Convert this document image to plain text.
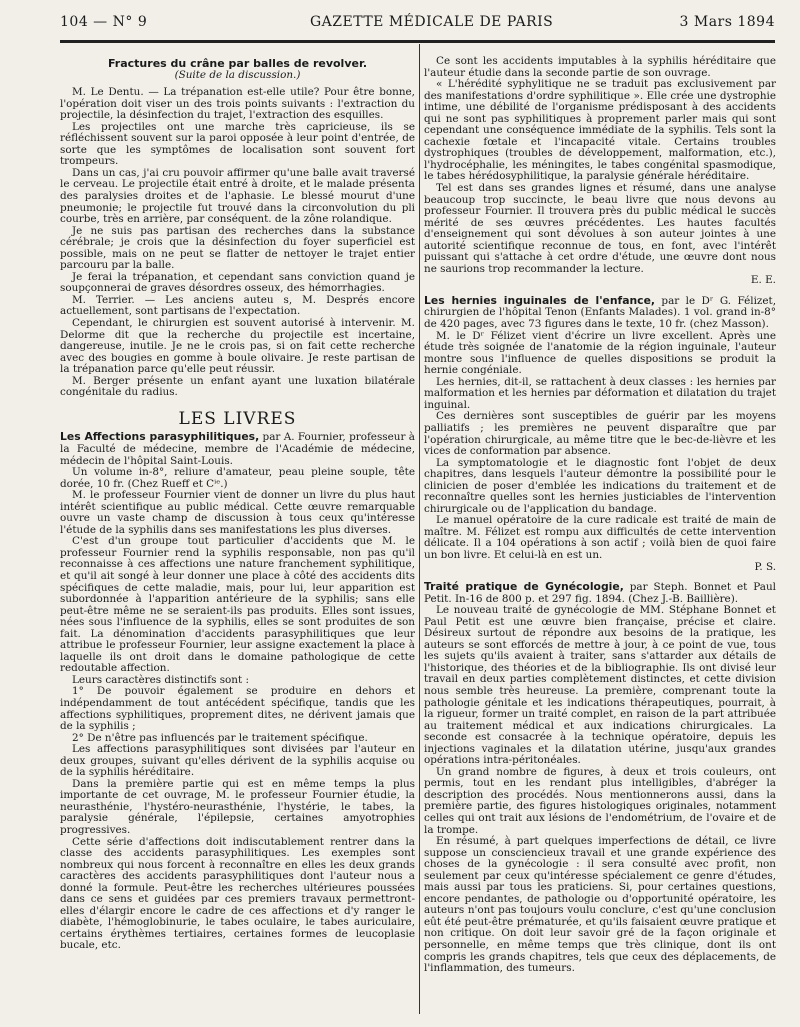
104 — N° 9	GAZETTE MÉDICALE DE PARIS	3 Mars 1894

Fractures du crâne par balles de revolver.

(Suite de la discussion.)

M. Le Dentu. — La trépanation est-elle utile? Pour être bonne, l'opération doit viser un des trois points suivants : l'extraction du projectile, la désinfection du trajet, l'extraction des esquilles.

Les projectiles ont une marche très capricieuse, ils se réfléchissent souvent sur la paroi opposée à leur point d'entrée, de sorte que les symptômes de localisation sont souvent fort trompeurs.

Dans un cas, j'ai cru pouvoir affirmer qu'une balle avait traversé le cerveau. Le projectile était entré à droite, et le malade présenta des paralysies droites et de l'aphasie. Le blessé mourut d'une pneumonie; le projectile fut trouvé dans la circonvolution du pli courbe, très en arrière, par conséquent. de la zône rolandique.

Je ne suis pas partisan des recherches dans la substance cérébrale; je crois que la désinfection du foyer superficiel est possible, mais on ne peut se flatter de nettoyer le trajet entier parcouru par la balle.

Je ferai la trépanation, et cependant sans conviction quand je soupçonnerai de graves désordres osseux, des hémorrhagies.

M. Terrier. — Les anciens auteu s, M. Després encore actuellement, sont partisans de l'expectation.

Cependant, le chirurgien est souvent autorisé à intervenir. M. Delorme dit que la recherche du projectile est incertaine, dangereuse, inutile. Je ne le crois pas, si on fait cette recherche avec des bougies en gomme à boule olivaire. Je reste partisan de la trépanation parce qu'elle peut réussir.

M. Berger présente un enfant ayant une luxation bilatérale congénitale du radius.

LES LIVRES

Les Affections parasyphilitiques, par A. Fournier, professeur à la Faculté de médecine, membre de l'Académie de médecine, médecin de l'hôpital Saint-Louis.

Un volume in-8°, reliure d'amateur, peau pleine souple, tête dorée, 10 fr. (Chez Rueff et Cⁱᵉ.)

M. le professeur Fournier vient de donner un livre du plus haut intérêt scientifique au public médical. Cette œuvre remarquable ouvre un vaste champ de discussion à tous ceux qu'intéresse l'étude de la syphilis dans ses manifestations les plus diverses.

C'est d'un groupe tout particulier d'accidents que M. le professeur Fournier rend la syphilis responsable, non pas qu'il reconnaisse à ces affections une nature franchement syphilitique, et qu'il ait songé à leur donner une place à côté des accidents dits spécifiques de cette maladie, mais, pour lui, leur apparition est subordonnée à l'apparition antérieure de la syphilis; sans elle peut-être même ne se seraient-ils pas produits. Elles sont issues, nées sous l'influence de la syphilis, elles se sont produites de son fait. La dénomination d'accidents parasyphilitiques que leur attribue le professeur Fournier, leur assigne exactement la place à laquelle ils ont droit dans le domaine pathologique de cette redoutable affection.

Leurs caractères distinctifs sont :

1° De pouvoir également se produire en dehors et indépendamment de tout antécédent spécifique, tandis que les affections syphilitiques, proprement dites, ne dérivent jamais que de la syphilis ;

2° De n'être pas influencés par le traitement spécifique.

Les affections parasyphilitiques sont divisées par l'auteur en deux groupes, suivant qu'elles dérivent de la syphilis acquise ou de la syphilis héréditaire.

Dans la première partie qui est en même temps la plus importante de cet ouvrage, M. le professeur Fournier étudie, la neurasthénie, l'hystéro-neurasthénie, l'hystérie, le tabes, la paralysie générale, l'épilepsie, certaines amyotrophies progressives.

Cette série d'affections doit indiscutablement rentrer dans la classe des accidents parasyphilitiques. Les exemples sont nombreux qui nous forcent à reconnaître en elles les deux grands caractères des accidents parasyphilitiques dont l'auteur nous a donné la formule. Peut-être les recherches ultérieures poussées dans ce sens et guidées par ces premiers travaux permettront-elles d'élargir encore le cadre de ces affections et d'y ranger le diabète, l'hémoglobinurie, le tabes oculaire, le tabes auriculaire, certains érythèmes tertiaires, certaines formes de leucoplasie bucale, etc.

Ce sont les accidents imputables à la syphilis héréditaire que l'auteur étudie dans la seconde partie de son ouvrage.

« L'hérédité syphylitique ne se traduit pas exclusivement par des manifestations d'ordre syphilitique ». Elle crée une dystrophie intime, une débilité de l'organisme prédisposant à des accidents qui ne sont pas syphilitiques à proprement parler mais qui sont cependant une conséquence immédiate de la syphilis. Tels sont la cachexie fœtale et l'incapacité vitale. Certains troubles dystrophiques (troubles de développement, malformation, etc.), l'hydrocéphalie, les méningites, le tabes congénital spasmodique, le tabes hérédosyphilitique, la paralysie générale héréditaire.

Tel est dans ses grandes lignes et résumé, dans une analyse beaucoup trop succincte, le beau livre que nous devons au professeur Fournier. Il trouvera près du public médical le succès mérité de ses œuvres précédentes. Les hautes facultés d'enseignement qui sont dévolues à son auteur jointes à une autorité scientifique reconnue de tous, en font, avec l'intérêt puissant qui s'attache à cet ordre d'étude, une œuvre dont nous ne saurions trop recommander la lecture.

E. E.

Les hernies inguinales de l'enfance, par le Dʳ G. Félizet, chirurgien de l'hôpital Tenon (Enfants Malades). 1 vol. grand in-8° de 420 pages, avec 73 figures dans le texte, 10 fr. (chez Masson).

M. le Dʳ Félizet vient d'écrire un livre excellent. Après une étude très soignée de l'anatomie de la région inguinale, l'auteur montre sous l'influence de quelles dispositions se produit la hernie congéniale.

Les hernies, dit-il, se rattachent à deux classes : les hernies par malformation et les hernies par déformation et dilatation du trajet inguinal.

Ces dernières sont susceptibles de guérir par les moyens palliatifs ; les premières ne peuvent disparaître que par l'opération chirurgicale, au même titre que le bec-de-lièvre et les vices de conformation par absence.

La symptomatologie et le diagnostic font l'objet de deux chapitres, dans lesquels l'auteur démontre la possibilité pour le clinicien de poser d'emblée les indications du traitement et de reconnaître quelles sont les hernies justiciables de l'intervention chirurgicale ou de l'application du bandage.

Le manuel opératoire de la cure radicale est traité de main de maître. M. Félizet est rompu aux difficultés de cette intervention délicate. Il a 104 opérations à son actif ; voilà bien de quoi faire un bon livre. Et celui-là en est un.

P. S.

Traité pratique de Gynécologie, par Steph. Bonnet et Paul Petit. In-16 de 800 p. et 297 fig. 1894. (Chez J.-B. Baillière).

Le nouveau traité de gynécologie de MM. Stéphane Bonnet et Paul Petit est une œuvre bien française, précise et claire. Désireux surtout de répondre aux besoins de la pratique, les auteurs se sont efforcés de mettre à jour, à ce point de vue, tous les sujets qu'ils avaient à traiter, sans s'attarder aux détails de l'historique, des théories et de la bibliographie. Ils ont divisé leur travail en deux parties complètement distinctes, et cette division nous semble très heureuse. La première, comprenant toute la pathologie génitale et les indications thérapeutiques, pourrait, à la rigueur, former un traité complet, en raison de la part attribuée au traitement médical et aux indications chirurgicales. La seconde est consacrée à la technique opératoire, depuis les injections vaginales et la dilatation utérine, jusqu'aux grandes opérations intra-péritonéales.

Un grand nombre de figures, à deux et trois couleurs, ont permis, tout en les rendant plus intelligibles, d'abréger la description des procédés. Nous mentionnerons aussi, dans la première partie, des figures histologiques originales, notamment celles qui ont trait aux lésions de l'endométrium, de l'ovaire et de la trompe.

En résumé, à part quelques imperfections de détail, ce livre suppose un consciencieux travail et une grande expérience des choses de la gynécologie : il sera consulté avec profit, non seulement par ceux qu'intéresse spécialement ce genre d'études, mais aussi par tous les praticiens. Si, pour certaines questions, encore pendantes, de pathologie ou d'opportunité opératoire, les auteurs n'ont pas toujours voulu conclure, c'est qu'une conclusion eût été peut-être prématurée, et qu'ils faisaient œuvre pratique et non critique. On doit leur savoir gré de la façon originale et personnelle, en même temps que très clinique, dont ils ont compris les grands chapitres, tels que ceux des déplacements, de l'inflammation, des tumeurs.
